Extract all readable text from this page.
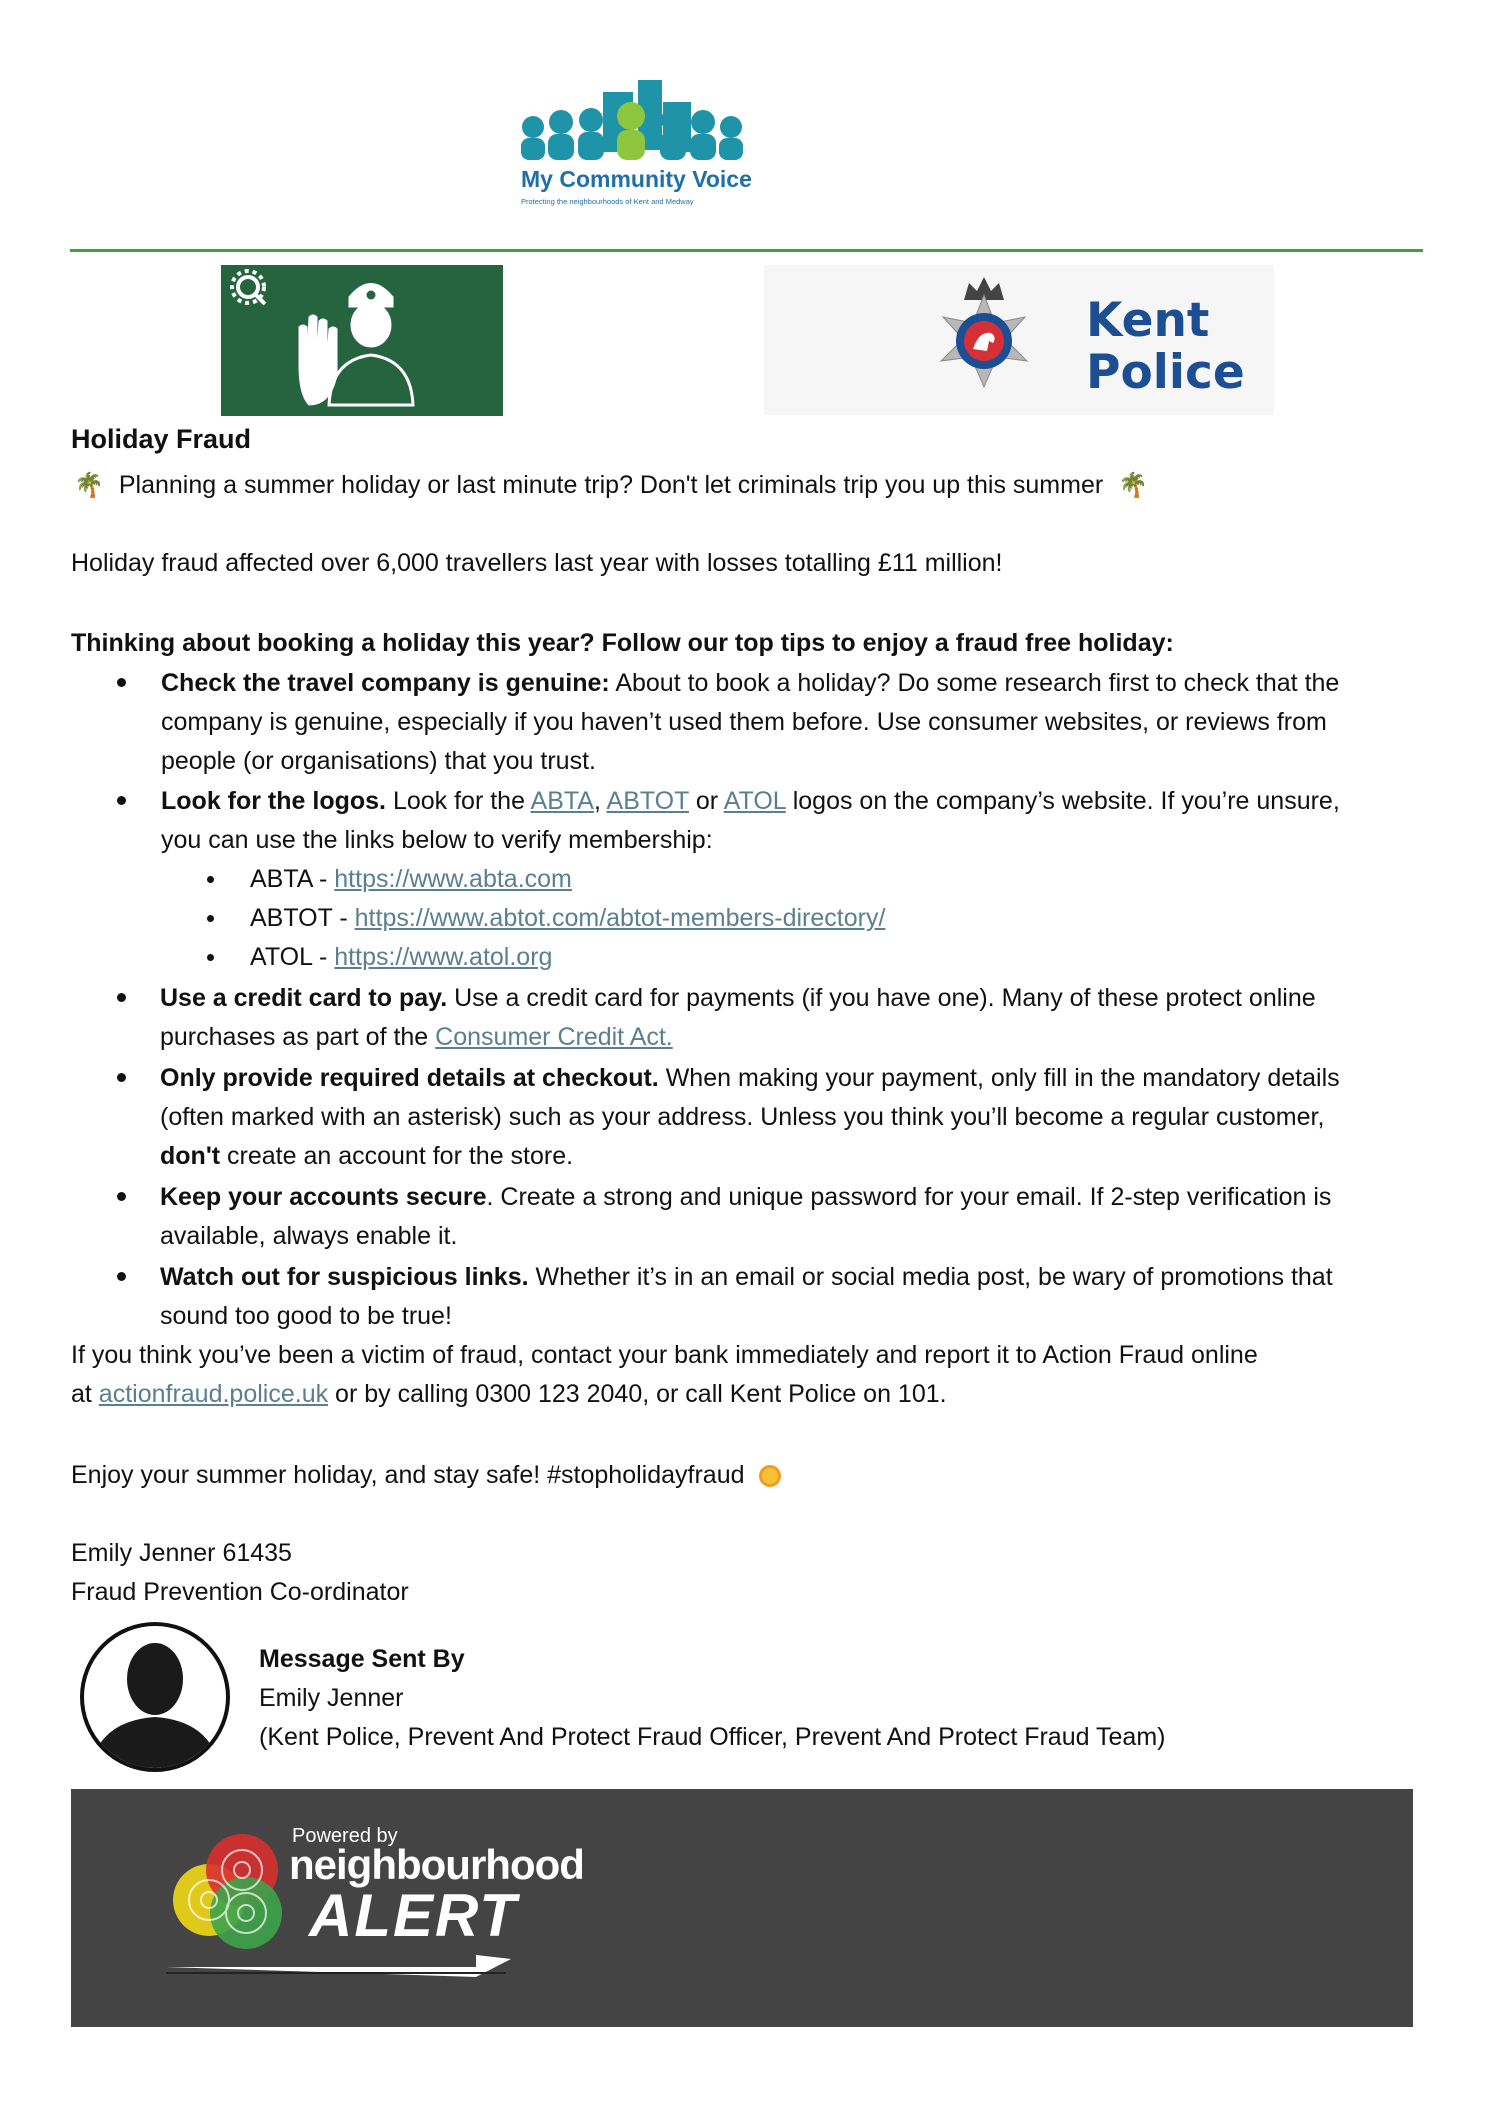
My Community Voice
Protecting the neighbourhoods of Kent and Medway
Kent
Police
Holiday Fraud
🌴 Planning a summer holiday or last minute trip? Don't let criminals trip you up this summer 🌴
Holiday fraud affected over 6,000 travellers last year with losses totalling £11 million!
Thinking about booking a holiday this year? Follow our top tips to enjoy a fraud free holiday:
Check the travel company is genuine: About to book a holiday? Do some research first to check that the
company is genuine, especially if you haven’t used them before. Use consumer websites, or reviews from
people (or organisations) that you trust.
Look for the logos. Look for the ABTA, ABTOT or ATOL logos on the company’s website. If you’re unsure,
you can use the links below to verify membership:
ABTA - https://www.abta.com
ABTOT - https://www.abtot.com/abtot-members-directory/
ATOL - https://www.atol.org
Use a credit card to pay. Use a credit card for payments (if you have one). Many of these protect online
purchases as part of the Consumer Credit Act.
Only provide required details at checkout. When making your payment, only fill in the mandatory details
(often marked with an asterisk) such as your address. Unless you think you’ll become a regular customer,
don't create an account for the store.
Keep your accounts secure. Create a strong and unique password for your email. If 2-step verification is
available, always enable it.
Watch out for suspicious links. Whether it’s in an email or social media post, be wary of promotions that
sound too good to be true!
If you think you’ve been a victim of fraud, contact your bank immediately and report it to Action Fraud online
at actionfraud.police.uk or by calling 0300 123 2040, or call Kent Police on 101.
Enjoy your summer holiday, and stay safe! #stopholidayfraud
Emily Jenner 61435
Fraud Prevention Co-ordinator
Message Sent By
Emily Jenner
(Kent Police, Prevent And Protect Fraud Officer, Prevent And Protect Fraud Team)
Powered by
neighbourhood
ALERT
